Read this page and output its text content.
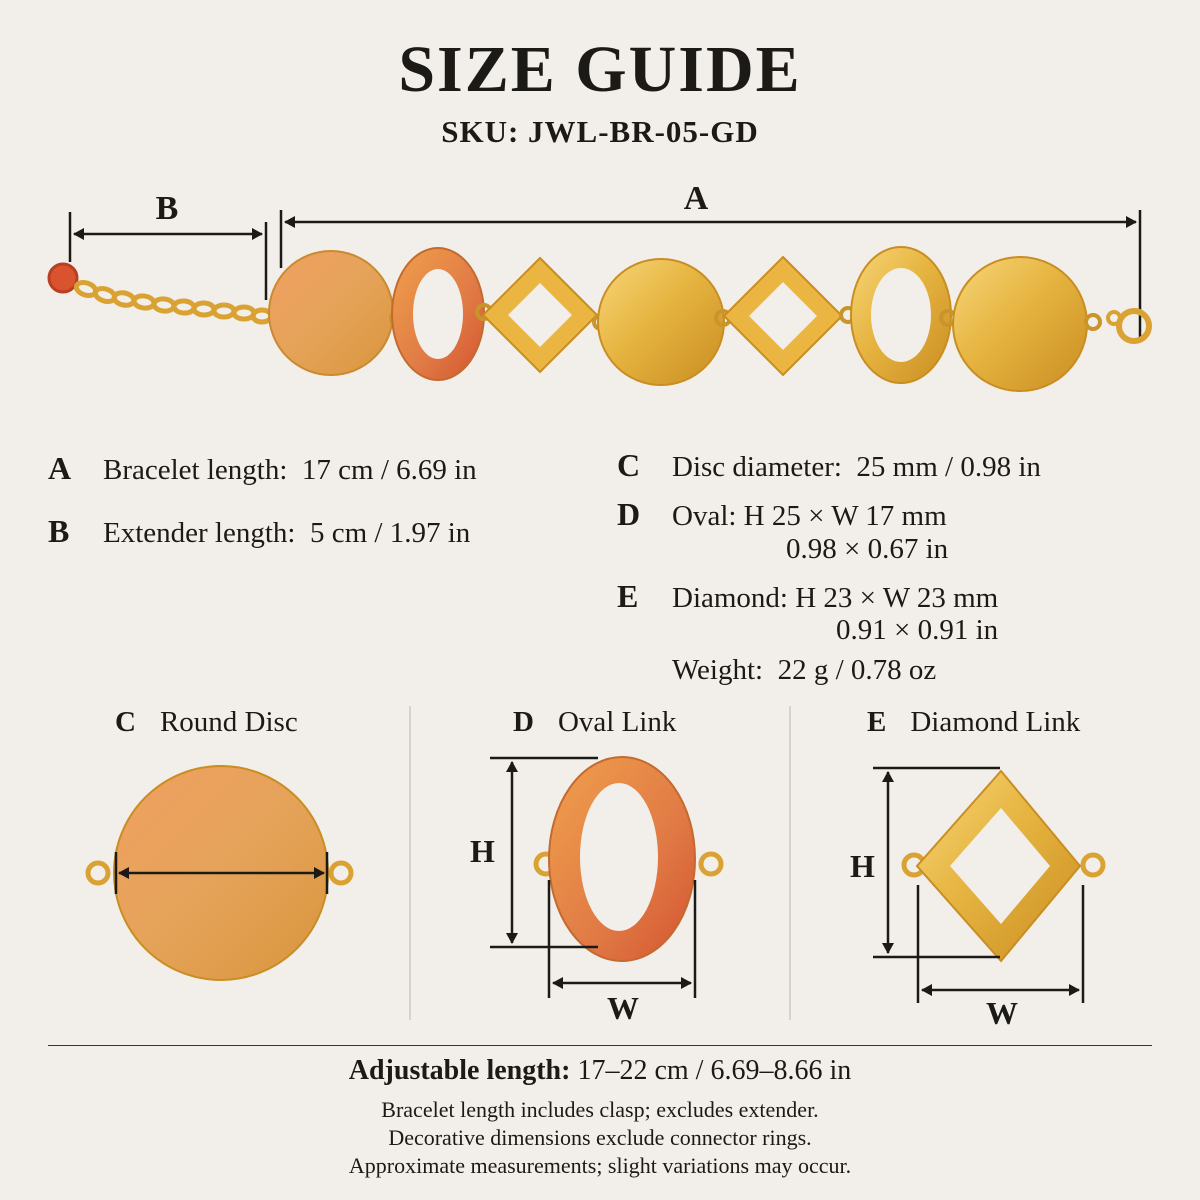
SIZE GUIDE
SKU: JWL-BR-05-GD
B	A
A Bracelet length:  17 cm / 6.69 in
B Extender length:  5 cm / 1.97 in
C Disc diameter:  25 mm / 0.98 in
D Oval: H 25 × W 17 mm
0.98 × 0.67 in
E Diamond: H 23 × W 23 mm
0.91 × 0.91 in
Weight:  22 g / 0.78 oz
C Round Disc	D Oval Link	E Diamond Link
H
W
H
W
Adjustable length: 17–22 cm / 6.69–8.66 in
Bracelet length includes clasp; excludes extender.
Decorative dimensions exclude connector rings.
Approximate measurements; slight variations may occur.
